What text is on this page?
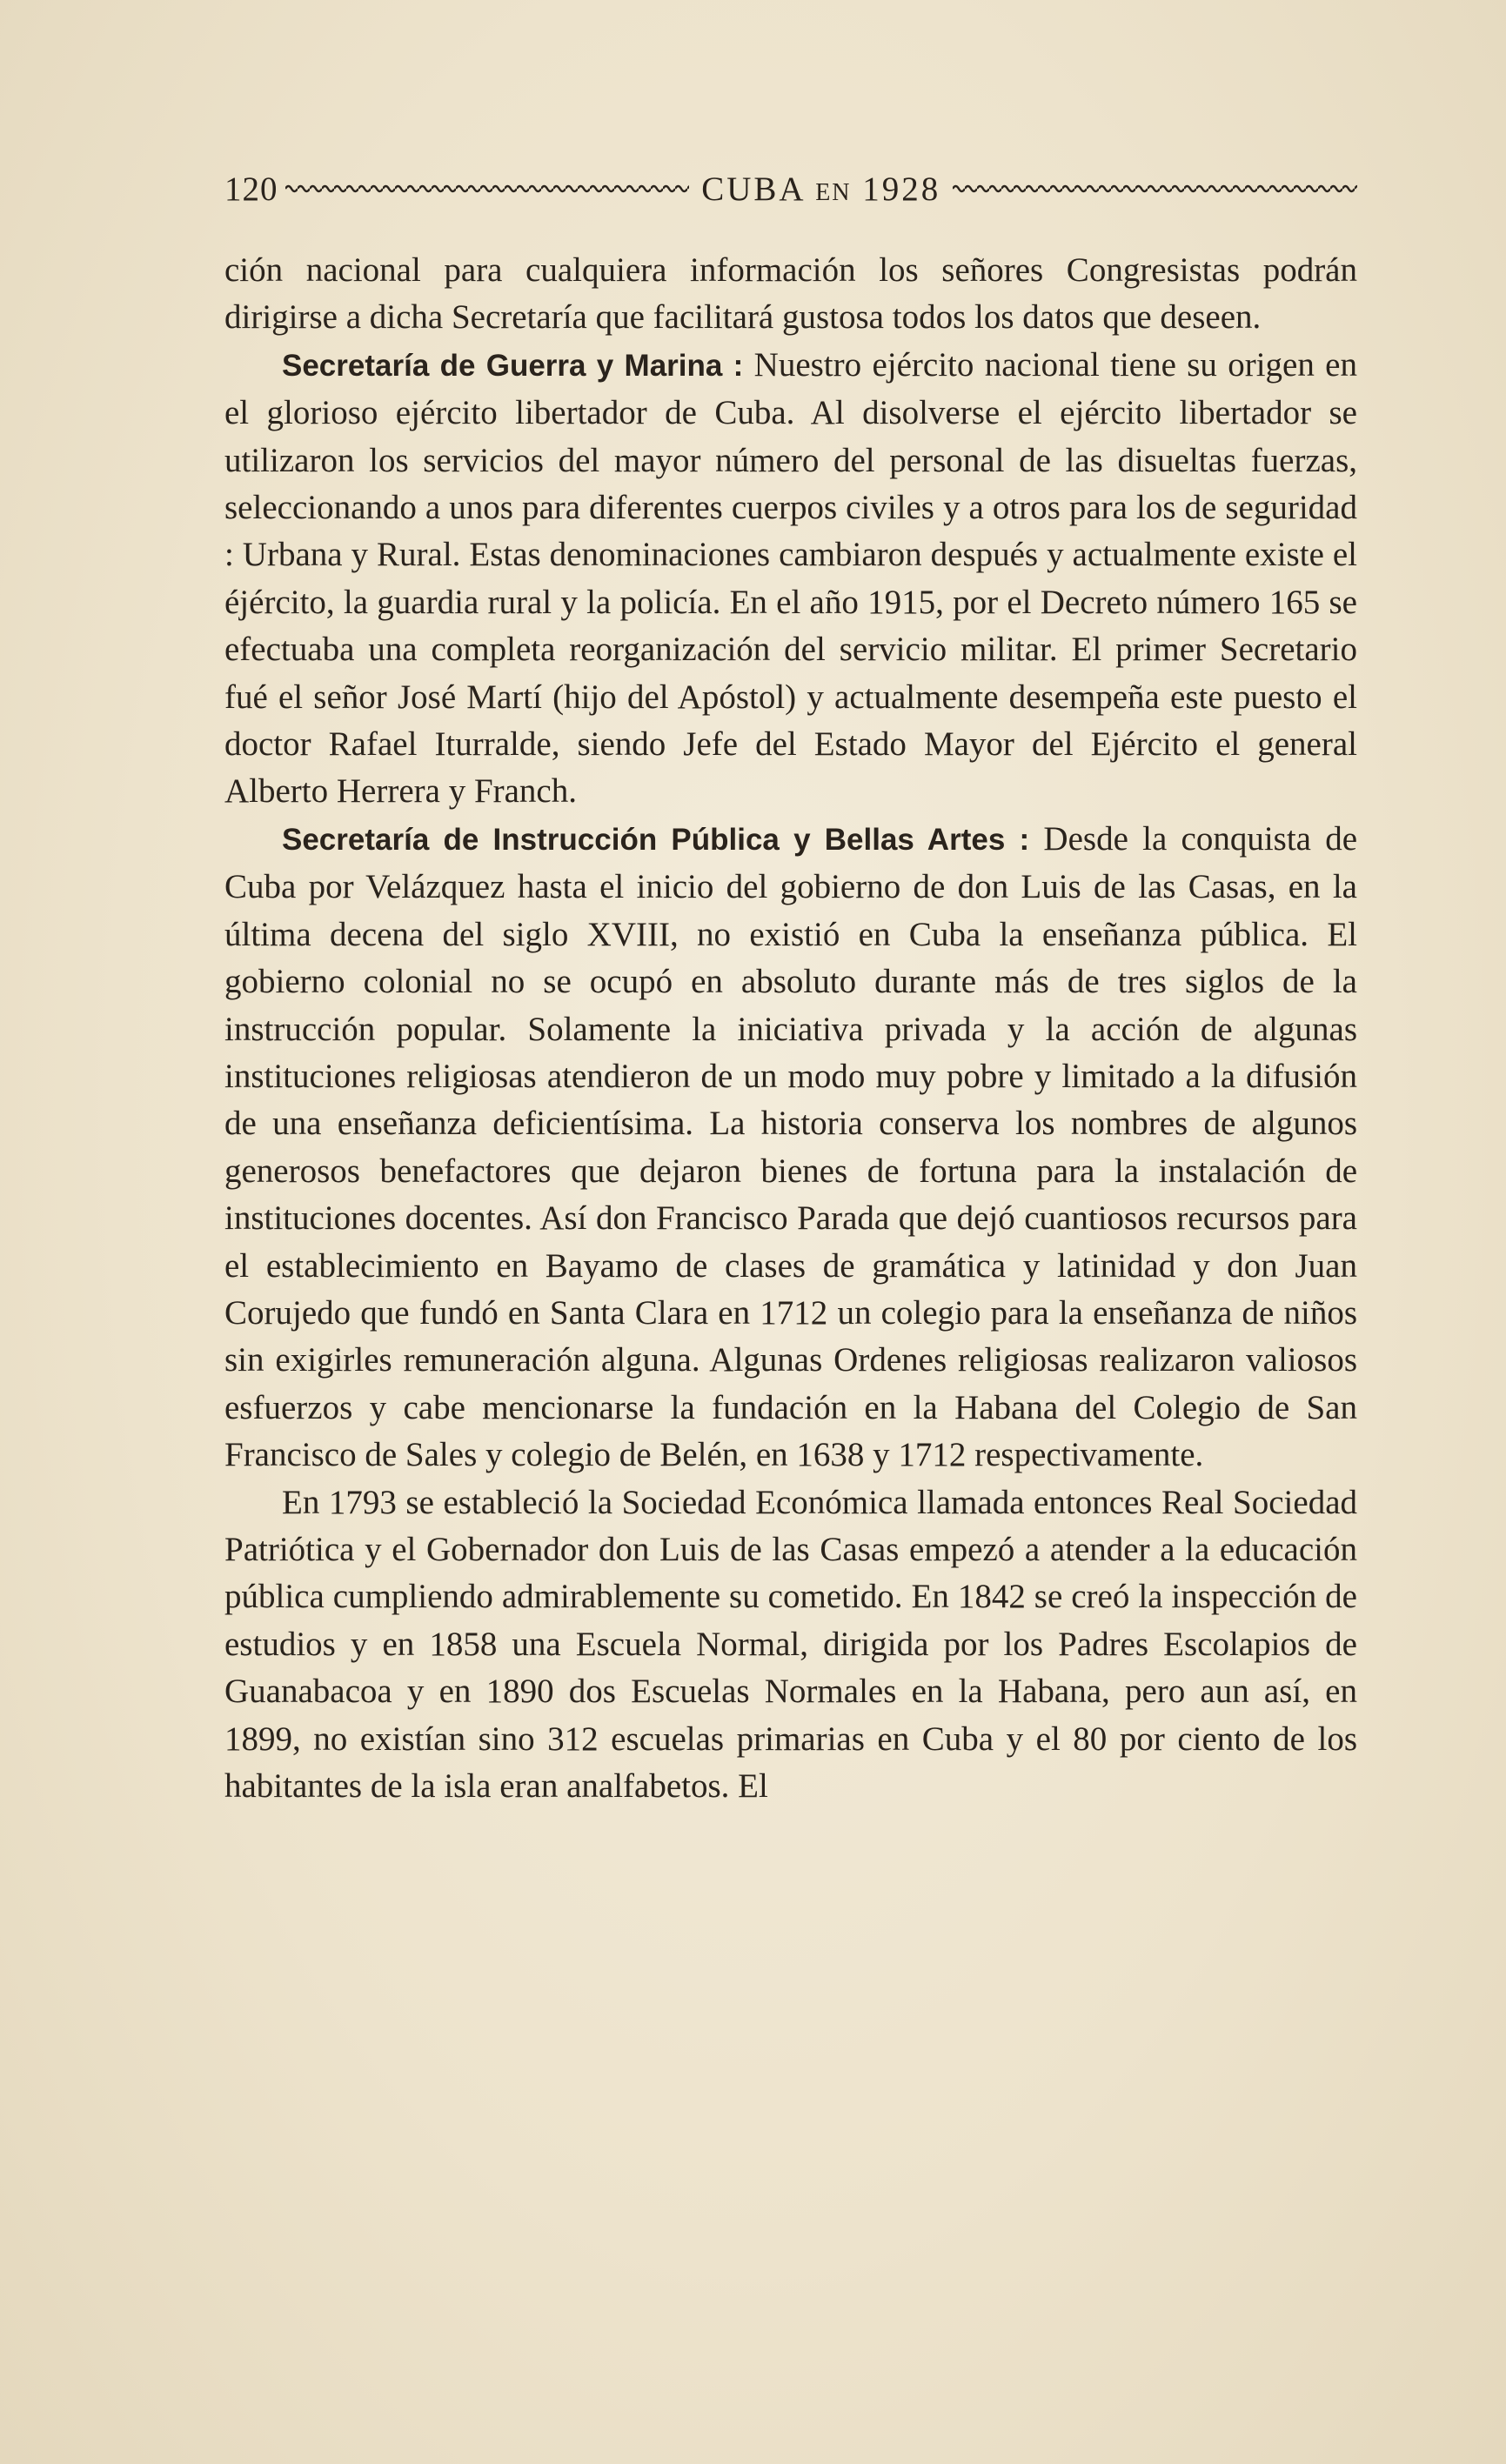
120	CUBA EN 1928

ción nacional para cualquiera información los señores Congresistas podrán dirigirse a dicha Secretaría que facilitará gustosa todos los datos que deseen.

Secretaría de Guerra y Marina : Nuestro ejército nacional tiene su origen en el glorioso ejército libertador de Cuba. Al disolverse el ejército libertador se utilizaron los servicios del mayor número del personal de las disueltas fuerzas, seleccionando a unos para diferentes cuerpos civiles y a otros para los de seguridad : Urbana y Rural. Estas denominaciones cambiaron después y actualmente existe el éjército, la guardia rural y la policía. En el año 1915, por el Decreto número 165 se efectuaba una completa reorganización del servicio militar. El primer Secretario fué el señor José Martí (hijo del Apóstol) y actualmente desempeña este puesto el doctor Rafael Iturralde, siendo Jefe del Estado Mayor del Ejército el general Alberto Herrera y Franch.

Secretaría de Instrucción Pública y Bellas Artes : Desde la conquista de Cuba por Velázquez hasta el inicio del gobierno de don Luis de las Casas, en la última decena del siglo XVIII, no existió en Cuba la enseñanza pública. El gobierno colonial no se ocupó en absoluto durante más de tres siglos de la instrucción popular. Solamente la iniciativa privada y la acción de algunas instituciones religiosas atendieron de un modo muy pobre y limitado a la difusión de una enseñanza deficientísima. La historia conserva los nombres de algunos generosos benefactores que dejaron bienes de fortuna para la instalación de instituciones docentes. Así don Francisco Parada que dejó cuantiosos recursos para el establecimiento en Bayamo de clases de gramática y latinidad y don Juan Corujedo que fundó en Santa Clara en 1712 un colegio para la enseñanza de niños sin exigirles remuneración alguna. Algunas Ordenes religiosas realizaron valiosos esfuerzos y cabe mencionarse la fundación en la Habana del Colegio de San Francisco de Sales y colegio de Belén, en 1638 y 1712 respectivamente.

En 1793 se estableció la Sociedad Económica llamada entonces Real Sociedad Patriótica y el Gobernador don Luis de las Casas empezó a atender a la educación pública cumpliendo admirablemente su cometido. En 1842 se creó la inspección de estudios y en 1858 una Escuela Normal, dirigida por los Padres Escolapios de Guanabacoa y en 1890 dos Escuelas Normales en la Habana, pero aun así, en 1899, no existían sino 312 escuelas primarias en Cuba y el 80 por ciento de los habitantes de la isla eran analfabetos. El
